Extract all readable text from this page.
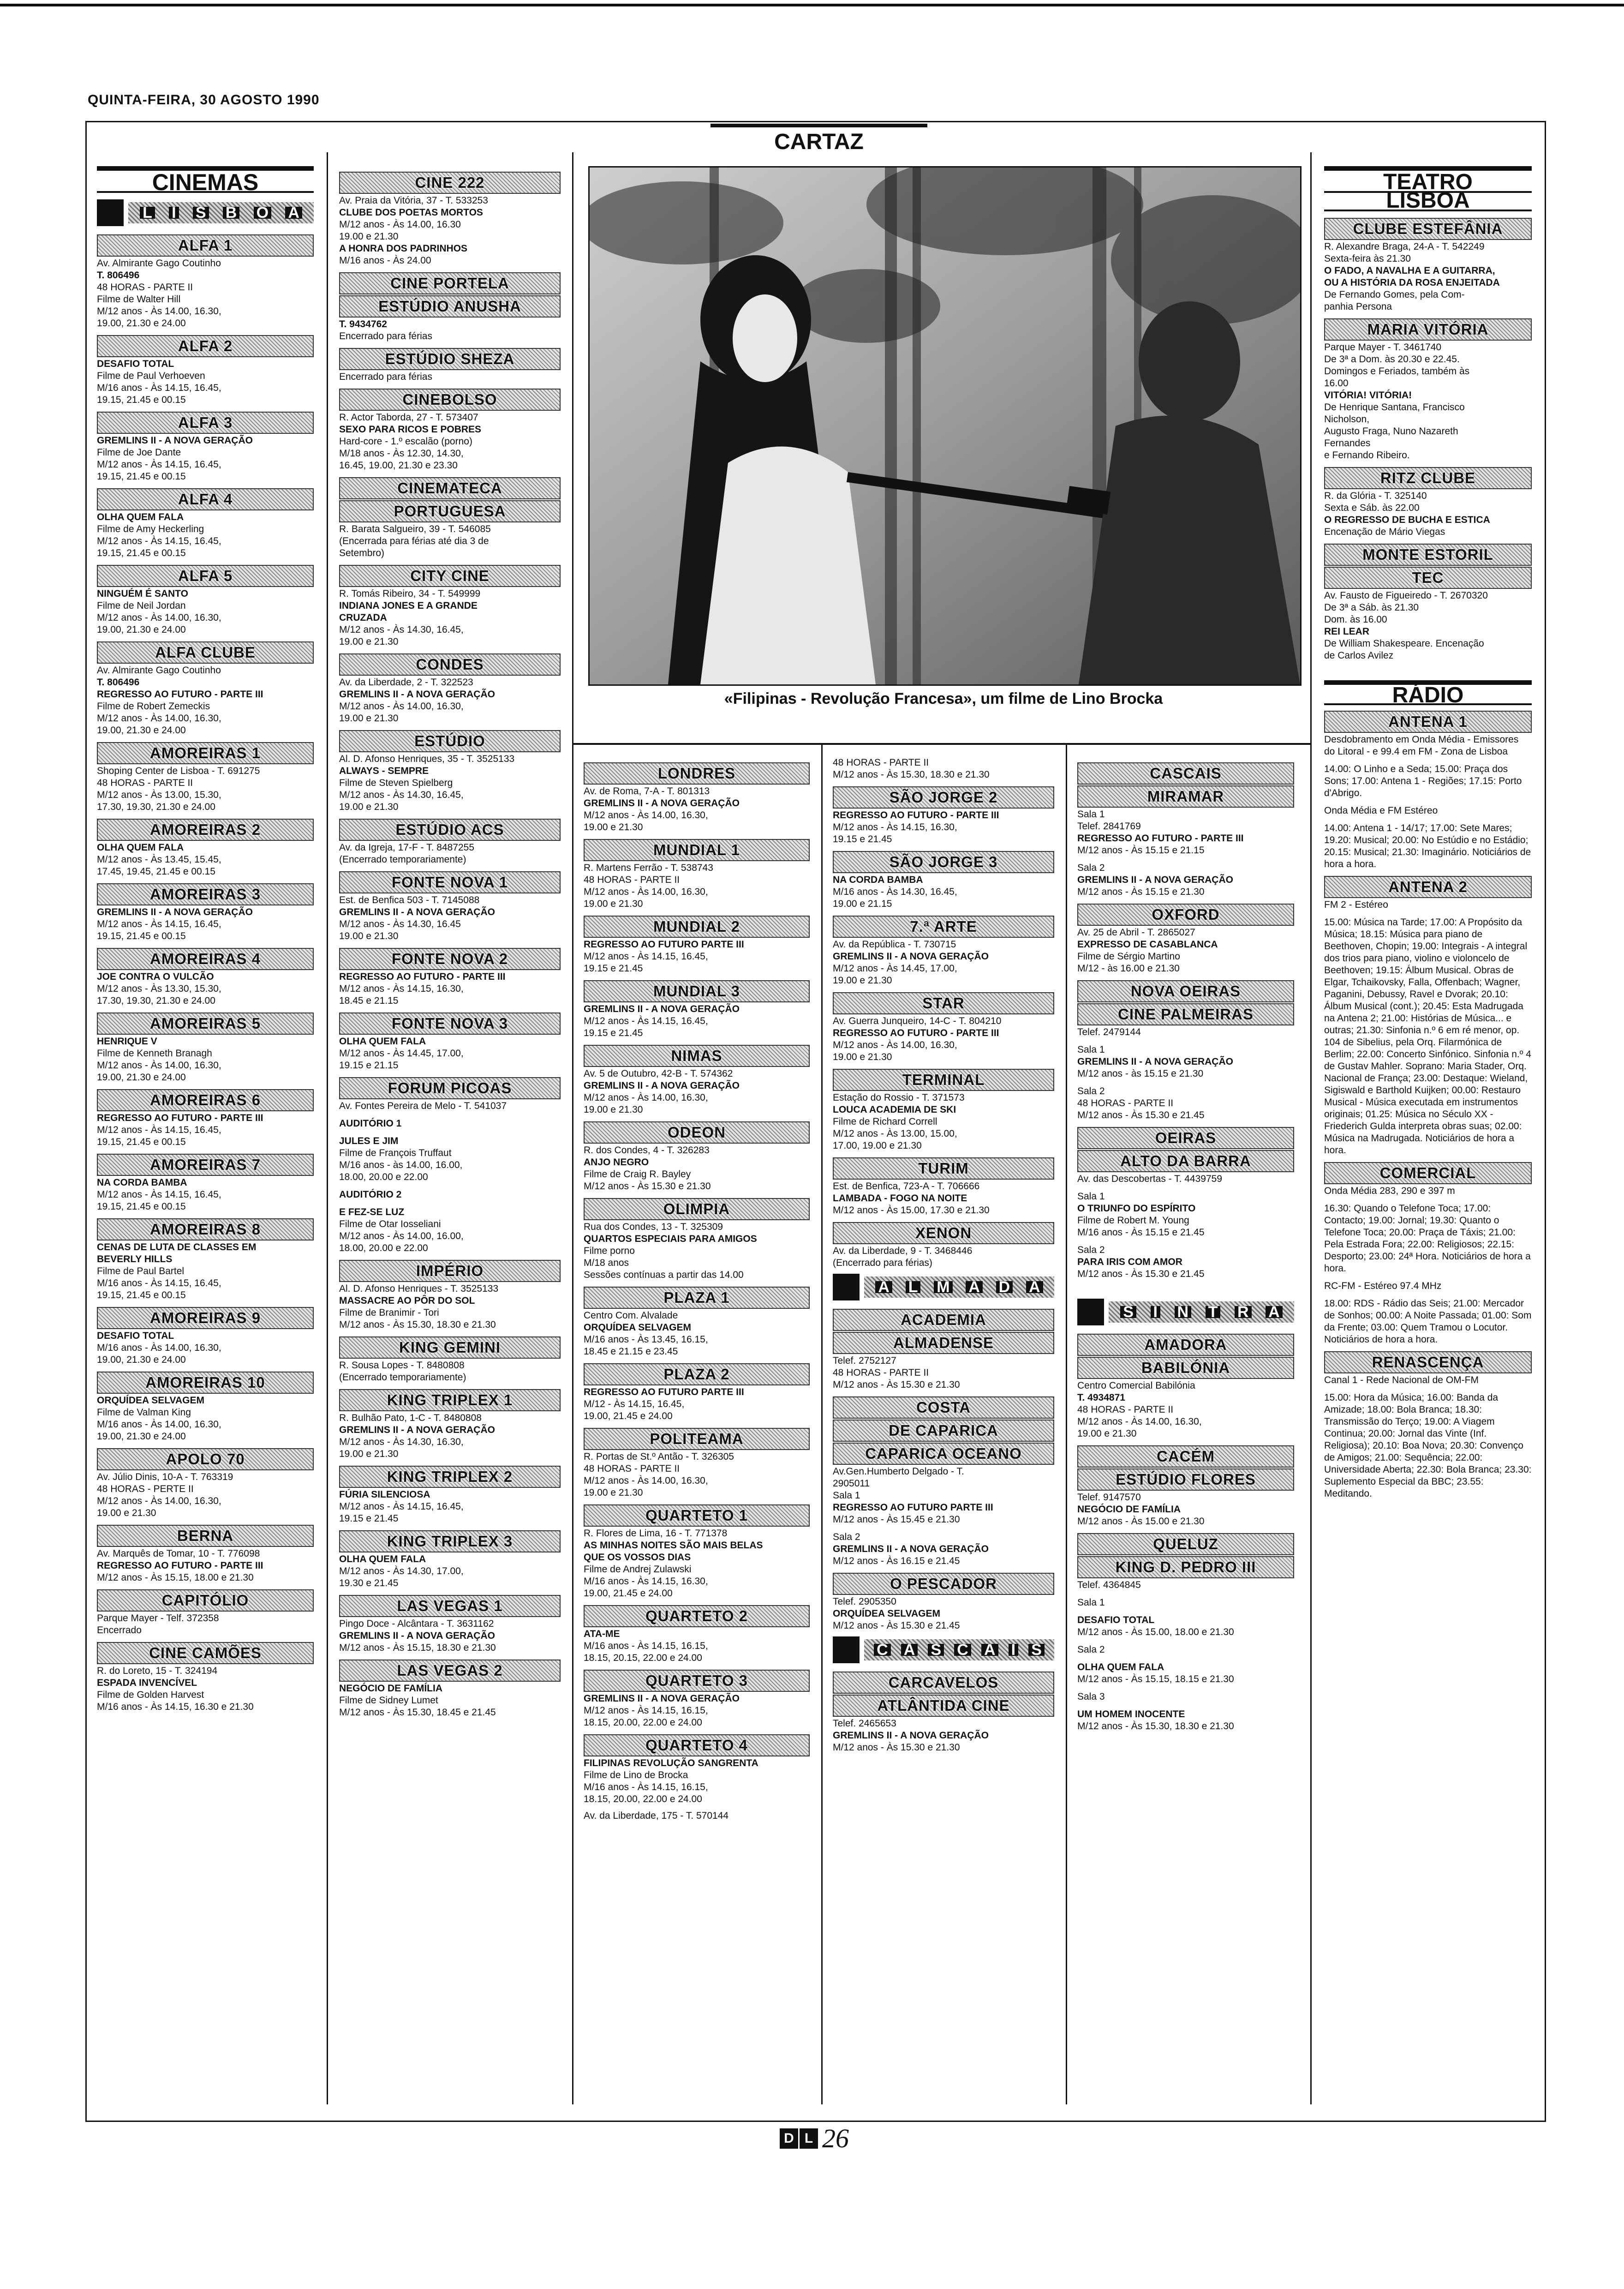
QUINTA-FEIRA, 30 AGOSTO 1990
CARTAZ
«Filipinas - Revolução Francesa», um filme de Lino Brocka
CINEMAS
L I S B O A
ALFA 1
Av. Almirante Gago Coutinho
T. 806496
48 HORAS - PARTE II
Filme de Walter Hill
M/12 anos - Às 14.00, 16.30,
19.00, 21.30 e 24.00
ALFA 2
DESAFIO TOTAL
Filme de Paul Verhoeven
M/16 anos - Às 14.15, 16.45,
19.15, 21.45 e 00.15
ALFA 3
GREMLINS II - A NOVA GERAÇÃO
Filme de Joe Dante
M/12 anos - Às 14.15, 16.45,
19.15, 21.45 e 00.15
ALFA 4
OLHA QUEM FALA
Filme de Amy Heckerling
M/12 anos - Às 14.15, 16.45,
19.15, 21.45 e 00.15
ALFA 5
NINGUÉM É SANTO
Filme de Neil Jordan
M/12 anos - Às 14.00, 16.30,
19.00, 21.30 e 24.00
ALFA CLUBE
Av. Almirante Gago Coutinho
T. 806496
REGRESSO AO FUTURO - PARTE III
Filme de Robert Zemeckis
M/12 anos - Às 14.00, 16.30,
19.00, 21.30 e 24.00
AMOREIRAS 1
Shoping Center de Lisboa - T. 691275
48 HORAS - PARTE II
M/12 anos - Às 13.00, 15.30,
17.30, 19.30, 21.30 e 24.00
AMOREIRAS 2
OLHA QUEM FALA
M/12 anos - Às 13.45, 15.45,
17.45, 19.45, 21.45 e 00.15
AMOREIRAS 3
GREMLINS II - A NOVA GERAÇÃO
M/12 anos - Às 14.15, 16.45,
19.15, 21.45 e 00.15
AMOREIRAS 4
JOE CONTRA O VULCÃO
M/12 anos - Às 13.30, 15.30,
17.30, 19.30, 21.30 e 24.00
AMOREIRAS 5
HENRIQUE V
Filme de Kenneth Branagh
M/12 anos - Às 14.00, 16.30,
19.00, 21.30 e 24.00
AMOREIRAS 6
REGRESSO AO FUTURO - PARTE III
M/12 anos - Às 14.15, 16.45,
19.15, 21.45 e 00.15
AMOREIRAS 7
NA CORDA BAMBA
M/12 anos - Às 14.15, 16.45,
19.15, 21.45 e 00.15
AMOREIRAS 8
CENAS DE LUTA DE CLASSES EM
BEVERLY HILLS
Filme de Paul Bartel
M/16 anos - Às 14.15, 16.45,
19.15, 21.45 e 00.15
AMOREIRAS 9
DESAFIO TOTAL
M/16 anos - Às 14.00, 16.30,
19.00, 21.30 e 24.00
AMOREIRAS 10
ORQUÍDEA SELVAGEM
Filme de Valman King
M/16 anos - Às 14.00, 16.30,
19.00, 21.30 e 24.00
APOLO 70
Av. Júlio Dinis, 10-A - T. 763319
48 HORAS - PERTE II
M/12 anos - Às 14.00, 16.30,
19.00 e 21.30
BERNA
Av. Marquês de Tomar, 10 - T. 776098
REGRESSO AO FUTURO - PARTE III
M/12 anos - Às 15.15, 18.00 e 21.30
CAPITÓLIO
Parque Mayer - Telf. 372358
Encerrado
CINE CAMÕES
R. do Loreto, 15 - T. 324194
ESPADA INVENCÍVEL
Filme de Golden Harvest
M/16 anos - Às 14.15, 16.30 e 21.30
CINE 222
Av. Praia da Vitória, 37 - T. 533253
CLUBE DOS POETAS MORTOS
M/12 anos - Às 14.00, 16.30
19.00 e 21.30
A HONRA DOS PADRINHOS
M/16 anos - Às 24.00
CINE PORTELA
ESTÚDIO ANUSHA
T. 9434762
Encerrado para férias
ESTÚDIO SHEZA
Encerrado para férias
CINEBOLSO
R. Actor Taborda, 27 - T. 573407
SEXO PARA RICOS E POBRES
Hard-core - 1.º escalão (porno)
M/18 anos - Às 12.30, 14.30,
16.45, 19.00, 21.30 e 23.30
CINEMATECA
PORTUGUESA
R. Barata Salgueiro, 39 - T. 546085
(Encerrada para férias até dia 3 de
Setembro)
CITY CINE
R. Tomás Ribeiro, 34 - T. 549999
INDIANA JONES E A GRANDE
CRUZADA
M/12 anos - Às 14.30, 16.45,
19.00 e 21.30
CONDES
Av. da Liberdade, 2 - T. 322523
GREMLINS II - A NOVA GERAÇÃO
M/12 anos - Às 14.00, 16.30,
19.00 e 21.30
ESTÚDIO
Al. D. Afonso Henriques, 35 - T. 3525133
ALWAYS - SEMPRE
Filme de Steven Spielberg
M/12 anos - Às 14.30, 16.45,
19.00 e 21.30
ESTÚDIO ACS
Av. da Igreja, 17-F - T. 8487255
(Encerrado temporariamente)
FONTE NOVA 1
Est. de Benfica 503 - T. 7145088
GREMLINS II - A NOVA GERAÇÃO
M/12 anos - Às 14.30, 16.45
19.00 e 21.30
FONTE NOVA 2
REGRESSO AO FUTURO - PARTE III
M/12 anos - Às 14.15, 16.30,
18.45 e 21.15
FONTE NOVA 3
OLHA QUEM FALA
M/12 anos - Às 14.45, 17.00,
19.15 e 21.15
FORUM PICOAS
Av. Fontes Pereira de Melo - T. 541037
AUDITÓRIO 1
JULES E JIM
Filme de François Truffaut
M/16 anos - às 14.00, 16.00,
18.00, 20.00 e 22.00
AUDITÓRIO 2
E FEZ-SE LUZ
Filme de Otar Iosseliani
M/12 anos - Às 14.00, 16.00,
18.00, 20.00 e 22.00
IMPÉRIO
Al. D. Afonso Henriques - T. 3525133
MASSACRE AO PÔR DO SOL
Filme de Branimir - Tori
M/12 anos - Às 15.30, 18.30 e 21.30
KING GEMINI
R. Sousa Lopes - T. 8480808
(Encerrado temporariamente)
KING TRIPLEX 1
R. Bulhão Pato, 1-C - T. 8480808
GREMLINS II - A NOVA GERAÇÃO
M/12 anos - Às 14.30, 16.30,
19.00 e 21.30
KING TRIPLEX 2
FÚRIA SILENCIOSA
M/12 anos - Às 14.15, 16.45,
19.15 e 21.45
KING TRIPLEX 3
OLHA QUEM FALA
M/12 anos - Às 14.30, 17.00,
19.30 e 21.45
LAS VEGAS 1
Pingo Doce - Alcântara - T. 3631162
GREMLINS II - A NOVA GERAÇÃO
M/12 anos - Às 15.15, 18.30 e 21.30
LAS VEGAS 2
NEGÓCIO DE FAMÍLIA
Filme de Sidney Lumet
M/12 anos - Às 15.30, 18.45 e 21.45
LONDRES
Av. de Roma, 7-A - T. 801313
GREMLINS II - A NOVA GERAÇÃO
M/12 anos - Às 14.00, 16.30,
19.00 e 21.30
MUNDIAL 1
R. Martens Ferrão - T. 538743
48 HORAS - PARTE II
M/12 anos - Às 14.00, 16.30,
19.00 e 21.30
MUNDIAL 2
REGRESSO AO FUTURO PARTE III
M/12 anos - Às 14.15, 16.45,
19.15 e 21.45
MUNDIAL 3
GREMLINS II - A NOVA GERAÇÃO
M/12 anos - Às 14.15, 16.45,
19.15 e 21.45
NIMAS
Av. 5 de Outubro, 42-B - T. 574362
GREMLINS II - A NOVA GERAÇÃO
M/12 anos - Às 14.00, 16.30,
19.00 e 21.30
ODEON
R. dos Condes, 4 - T. 326283
ANJO NEGRO
Filme de Craig R. Bayley
M/12 anos - Às 15.30 e 21.30
OLIMPIA
Rua dos Condes, 13 - T. 325309
QUARTOS ESPECIAIS PARA AMIGOS
Filme porno
M/18 anos
Sessões contínuas a partir das 14.00
PLAZA 1
Centro Com. Alvalade
ORQUÍDEA SELVAGEM
M/16 anos - Às 13.45, 16.15,
18.45 e 21.15 e 23.45
PLAZA 2
REGRESSO AO FUTURO PARTE III
M/12 - Às 14.15, 16.45,
19.00, 21.45 e 24.00
POLITEAMA
R. Portas de St.º Antão - T. 326305
48 HORAS - PARTE II
M/12 anos - Às 14.00, 16.30,
19.00 e 21.30
QUARTETO 1
R. Flores de Lima, 16 - T. 771378
AS MINHAS NOITES SÃO MAIS BELAS
QUE OS VOSSOS DIAS
Filme de Andrej Zulawski
M/16 anos - Às 14.15, 16.30,
19.00, 21.45 e 24.00
QUARTETO 2
ATA-ME
M/16 anos - Às 14.15, 16.15,
18.15, 20.15, 22.00 e 24.00
QUARTETO 3
GREMLINS II - A NOVA GERAÇÃO
M/12 anos - Às 14.15, 16.15,
18.15, 20.00, 22.00 e 24.00
QUARTETO 4
FILIPINAS REVOLUÇÃO SANGRENTA
Filme de Lino de Brocka
M/16 anos - Às 14.15, 16.15,
18.15, 20.00, 22.00 e 24.00
Av. da Liberdade, 175 - T. 570144
48 HORAS - PARTE II
M/12 anos - Às 15.30, 18.30 e 21.30
SÃO JORGE 2
REGRESSO AO FUTURO - PARTE III
M/12 anos - Às 14.15, 16.30,
19.15 e 21.45
SÃO JORGE 3
NA CORDA BAMBA
M/16 anos - Às 14.30, 16.45,
19.00 e 21.15
7.ª ARTE
Av. da República - T. 730715
GREMLINS II - A NOVA GERAÇÃO
M/12 anos - Às 14.45, 17.00,
19.00 e 21.30
STAR
Av. Guerra Junqueiro, 14-C - T. 804210
REGRESSO AO FUTURO - PARTE III
M/12 anos - Às 14.00, 16.30,
19.00 e 21.30
TERMINAL
Estação do Rossio - T. 371573
LOUCA ACADEMIA DE SKI
Filme de Richard Correll
M/12 anos - Às 13.00, 15.00,
17.00, 19.00 e 21.30
TURIM
Est. de Benfica, 723-A - T. 706666
LAMBADA - FOGO NA NOITE
M/12 anos - Às 15.00, 17.30 e 21.30
XENON
Av. da Liberdade, 9 - T. 3468446
(Encerrado para férias)
A L M A D A
ACADEMIA
ALMADENSE
Telef. 2752127
48 HORAS - PARTE II
M/12 anos - Às 15.30 e 21.30
COSTA
DE CAPARICA
CAPARICA OCEANO
Av.Gen.Humberto Delgado - T.
2905011
Sala 1
REGRESSO AO FUTURO PARTE III
M/12 anos - Às 15.45 e 21.30
Sala 2
GREMLINS II - A NOVA GERAÇÃO
M/12 anos - Às 16.15 e 21.45
O PESCADOR
Telef. 2905350
ORQUÍDEA SELVAGEM
M/12 anos - Às 15.30 e 21.45
C A S C A I S
CARCAVELOS
ATLÂNTIDA CINE
Telef. 2465653
GREMLINS II - A NOVA GERAÇÃO
M/12 anos - Às 15.30 e 21.30
CASCAIS
MIRAMAR
Sala 1
Telef. 2841769
REGRESSO AO FUTURO - PARTE III
M/12 anos - Às 15.15 e 21.15
Sala 2
GREMLINS II - A NOVA GERAÇÃO
M/12 anos - Às 15.15 e 21.30
OXFORD
Av. 25 de Abril - T. 2865027
EXPRESSO DE CASABLANCA
Filme de Sérgio Martino
M/12 - às 16.00 e 21.30
NOVA OEIRAS
CINE PALMEIRAS
Telef. 2479144
Sala 1
GREMLINS II - A NOVA GERAÇÃO
M/12 anos - às 15.15 e 21.30
Sala 2
48 HORAS - PARTE II
M/12 anos - Às 15.30 e 21.45
OEIRAS
ALTO DA BARRA
Av. das Descobertas - T. 4439759
Sala 1
O TRIUNFO DO ESPÍRITO
Filme de Robert M. Young
M/16 anos - Às 15.15 e 21.45
Sala 2
PARA IRIS COM AMOR
M/12 anos - Às 15.30 e 21.45
S I N T R A
AMADORA
BABILÓNIA
Centro Comercial Babilónia
T. 4934871
48 HORAS - PARTE II
M/12 anos - Às 14.00, 16.30,
19.00 e 21.30
CACÉM
ESTÚDIO FLORES
Telef. 9147570
NEGÓCIO DE FAMÍLIA
M/12 anos - Às 15.00 e 21.30
QUELUZ
KING D. PEDRO III
Telef. 4364845
Sala 1
DESAFIO TOTAL
M/12 anos - Às 15.00, 18.00 e 21.30
Sala 2
OLHA QUEM FALA
M/12 anos - Às 15.15, 18.15 e 21.30
Sala 3
UM HOMEM INOCENTE
M/12 anos - Às 15.30, 18.30 e 21.30
TEATRO
LISBOA
CLUBE ESTEFÂNIA
R. Alexandre Braga, 24-A - T. 542249
Sexta-feira às 21.30
O FADO, A NAVALHA E A GUITARRA,
OU A HISTÓRIA DA ROSA ENJEITADA
De Fernando Gomes, pela Com-
panhia Persona
MARIA VITÓRIA
Parque Mayer - T. 3461740
De 3ª a Dom. às 20.30 e 22.45.
Domingos e Feriados, também às
16.00
VITÓRIA! VITÓRIA!
De Henrique Santana, Francisco
Nicholson,
Augusto Fraga, Nuno Nazareth
Fernandes
e Fernando Ribeiro.
RITZ CLUBE
R. da Glória - T. 325140
Sexta e Sáb. às 22.00
O REGRESSO DE BUCHA E ESTICA
Encenação de Mário Viegas
MONTE ESTORIL
TEC
Av. Fausto de Figueiredo - T. 2670320
De 3ª a Sáb. às 21.30
Dom. às 16.00
REI LEAR
De William Shakespeare. Encenação
de Carlos Avilez
RÁDIO
ANTENA 1
Desdobramento em Onda Média - Emissores do Litoral - e 99.4 em FM - Zona de Lisboa
14.00: O Linho e a Seda; 15.00: Praça dos Sons; 17.00: Antena 1 - Regiões; 17.15: Porto d'Abrigo.
Onda Média e FM Estéreo
14.00: Antena 1 - 14/17; 17.00: Sete Mares; 19.20: Musical; 20.00: No Estúdio e no Estádio; 20.15: Musical; 21.30: Imaginário. Noticiários de hora a hora.
ANTENA 2
FM 2 - Estéreo
15.00: Música na Tarde; 17.00: A Propósito da Música; 18.15: Música para piano de Beethoven, Chopin; 19.00: Integrais - A integral dos trios para piano, violino e violoncelo de Beethoven; 19.15: Álbum Musical. Obras de Elgar, Tchaikovsky, Falla, Offenbach; Wagner, Paganini, Debussy, Ravel e Dvorak; 20.10: Álbum Musical (cont.); 20.45: Esta Madrugada na Antena 2; 21.00: Histórias de Música... e outras; 21.30: Sinfonia n.º 6 em ré menor, op. 104 de Sibelius, pela Orq. Filarmónica de Berlim; 22.00: Concerto Sinfónico. Sinfonia n.º 4 de Gustav Mahler. Soprano: Maria Stader, Orq. Nacional de França; 23.00: Destaque: Wieland, Sigiswald e Barthold Kuijken; 00.00: Restauro Musical - Música executada em instrumentos originais; 01.25: Música no Século XX - Friederich Gulda interpreta obras suas; 02.00: Música na Madrugada. Noticiários de hora a hora.
COMERCIAL
Onda Média 283, 290 e 397 m
16.30: Quando o Telefone Toca; 17.00: Contacto; 19.00: Jornal; 19.30: Quanto o Telefone Toca; 20.00: Praça de Táxis; 21.00: Pela Estrada Fora; 22.00: Religiosos; 22.15: Desporto; 23.00: 24ª Hora. Noticiários de hora a hora.
RC-FM - Estéreo 97.4 MHz
18.00: RDS - Rádio das Seis; 21.00: Mercador de Sonhos; 00.00: A Noite Passada; 01.00: Som da Frente; 03.00: Quem Tramou o Locutor. Noticiários de hora a hora.
RENASCENÇA
Canal 1 - Rede Nacional de OM-FM
15.00: Hora da Música; 16.00: Banda da Amizade; 18.00: Bola Branca; 18.30: Transmissão do Terço; 19.00: A Viagem Continua; 20.00: Jornal das Vinte (Inf. Religiosa); 20.10: Boa Nova; 20.30: Convenço de Amigos; 21.00: Sequência; 22.00: Universidade Aberta; 22.30: Bola Branca; 23.30: Suplemento Especial da BBC; 23.55: Meditando.
D L 26
